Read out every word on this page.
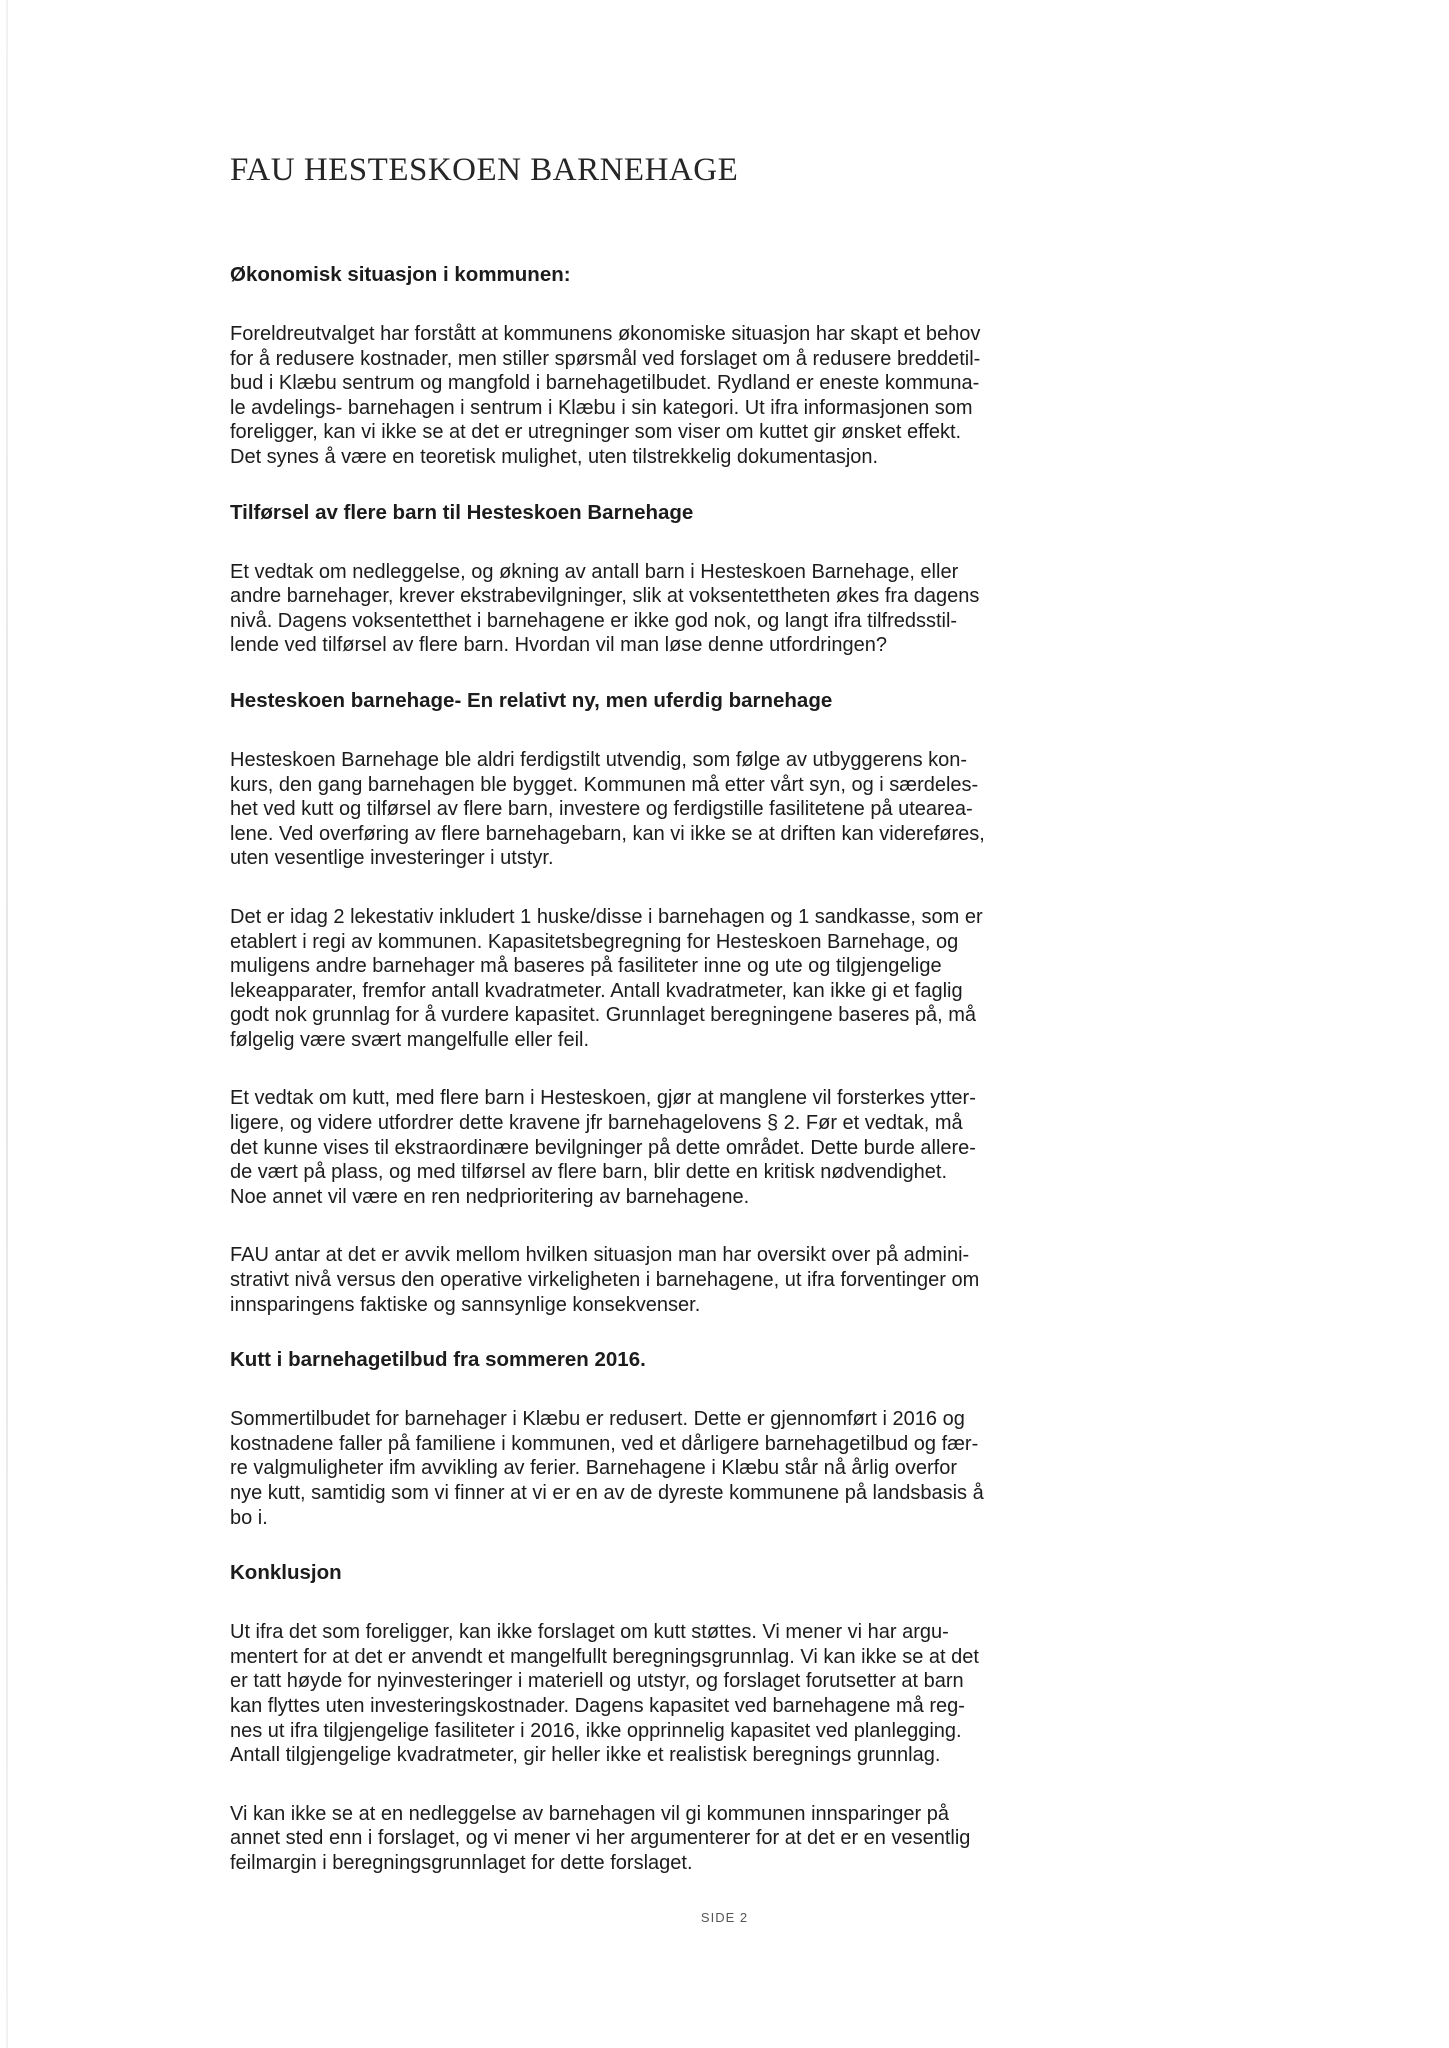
FAU HESTESKOEN BARNEHAGE
Økonomisk situasjon i kommunen:

Foreldreutvalget har forstått at kommunens økonomiske situasjon har skapt et behov
for å redusere kostnader, men stiller spørsmål ved forslaget om å redusere breddetil-
bud i Klæbu sentrum og mangfold i barnehagetilbudet. Rydland er eneste kommuna-
le avdelings- barnehagen i sentrum i Klæbu i sin kategori. Ut ifra informasjonen som
foreligger, kan vi ikke se at det er utregninger som viser om kuttet gir ønsket effekt.
Det synes å være en teoretisk mulighet, uten tilstrekkelig dokumentasjon.

Tilførsel av flere barn til Hesteskoen Barnehage

Et vedtak om nedleggelse, og økning av antall barn i Hesteskoen Barnehage, eller
andre barnehager, krever ekstrabevilgninger, slik at voksentettheten økes fra dagens
nivå. Dagens voksentetthet i barnehagene er ikke god nok, og langt ifra tilfredsstil-
lende ved tilførsel av flere barn. Hvordan vil man løse denne utfordringen?

Hesteskoen barnehage- En relativt ny, men uferdig barnehage

Hesteskoen Barnehage ble aldri ferdigstilt utvendig, som følge av utbyggerens kon-
kurs, den gang barnehagen ble bygget. Kommunen må etter vårt syn, og i særdeles-
het ved kutt og tilførsel av flere barn, investere og ferdigstille fasilitetene på utearea-
lene. Ved overføring av flere barnehagebarn, kan vi ikke se at driften kan videreføres,
uten vesentlige investeringer i utstyr.

Det er idag 2 lekestativ inkludert 1 huske/disse i barnehagen og 1 sandkasse, som er
etablert i regi av kommunen. Kapasitetsbegregning for Hesteskoen Barnehage, og
muligens andre barnehager må baseres på fasiliteter inne og ute og tilgjengelige
lekeapparater, fremfor antall kvadratmeter. Antall kvadratmeter, kan ikke gi et faglig
godt nok grunnlag for å vurdere kapasitet. Grunnlaget beregningene baseres på, må
følgelig være svært mangelfulle eller feil.

Et vedtak om kutt, med flere barn i Hesteskoen, gjør at manglene vil forsterkes ytter-
ligere, og videre utfordrer dette kravene jfr barnehagelovens § 2. Før et vedtak, må
det kunne vises til ekstraordinære bevilgninger på dette området. Dette burde allere-
de vært på plass, og med tilførsel av flere barn, blir dette en kritisk nødvendighet.
Noe annet vil være en ren nedprioritering av barnehagene.

FAU antar at det er avvik mellom hvilken situasjon man har oversikt over på admini-
strativt nivå versus den operative virkeligheten i barnehagene, ut ifra forventinger om
innsparingens faktiske og sannsynlige konsekvenser.

Kutt i barnehagetilbud fra sommeren 2016.

Sommertilbudet for barnehager i Klæbu er redusert. Dette er gjennomført i 2016 og
kostnadene faller på familiene i kommunen, ved et dårligere barnehagetilbud og fær-
re valgmuligheter ifm avvikling av ferier. Barnehagene i Klæbu står nå årlig overfor
nye kutt, samtidig som vi finner at vi er en av de dyreste kommunene på landsbasis å
bo i.

Konklusjon

Ut ifra det som foreligger, kan ikke forslaget om kutt støttes. Vi mener vi har argu-
mentert for at det er anvendt et mangelfullt beregningsgrunnlag. Vi kan ikke se at det
er tatt høyde for nyinvesteringer i materiell og utstyr, og forslaget forutsetter at barn
kan flyttes uten investeringskostnader. Dagens kapasitet ved barnehagene må reg-
nes ut ifra tilgjengelige fasiliteter i 2016, ikke opprinnelig kapasitet ved planlegging.
Antall tilgjengelige kvadratmeter, gir heller ikke et realistisk beregnings grunnlag.

Vi kan ikke se at en nedleggelse av barnehagen vil gi kommunen innsparinger på
annet sted enn i forslaget, og vi mener vi her argumenterer for at det er en vesentlig
feilmargin i beregningsgrunnlaget for dette forslaget.

SIDE 2
